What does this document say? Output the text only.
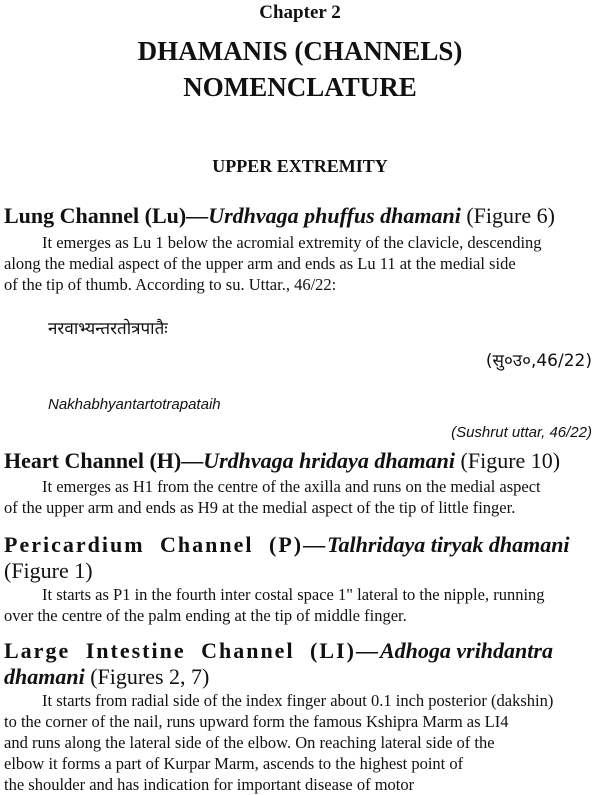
Chapter 2
DHAMANIS (CHANNELS)
NOMENCLATURE
UPPER EXTREMITY
Lung Channel (Lu)—Urdhvaga phuffus dhamani (Figure 6)
It emerges as Lu 1 below the acromial extremity of the clavicle, descending
along the medial aspect of the upper arm and ends as Lu 11 at the medial side
of the tip of thumb. According to su. Uttar., 46/22:
नरवाभ्यन्तरतोत्रपातैः
(सु०उ०,46/22)
Nakhabhyantartotrapataih
(Sushrut uttar, 46/22)
Heart Channel (H)—Urdhvaga hridaya dhamani (Figure 10)
It emerges as H1 from the centre of the axilla and runs on the medial aspect
of the upper arm and ends as H9 at the medial aspect of the tip of little finger.
Pericardium Channel (P)—Talhridaya tiryak dhamani
(Figure 1)
It starts as P1 in the fourth inter costal space 1" lateral to the nipple, running
over the centre of the palm ending at the tip of middle finger.
Large Intestine Channel (LI)—Adhoga vrihdantra
dhamani (Figures 2, 7)
It starts from radial side of the index finger about 0.1 inch posterior (dakshin)
to the corner of the nail, runs upward form the famous Kshipra Marm as LI4
and runs along the lateral side of the elbow. On reaching lateral side of the
elbow it forms a part of Kurpar Marm, ascends to the highest point of
the shoulder and has indication for important disease of motor
